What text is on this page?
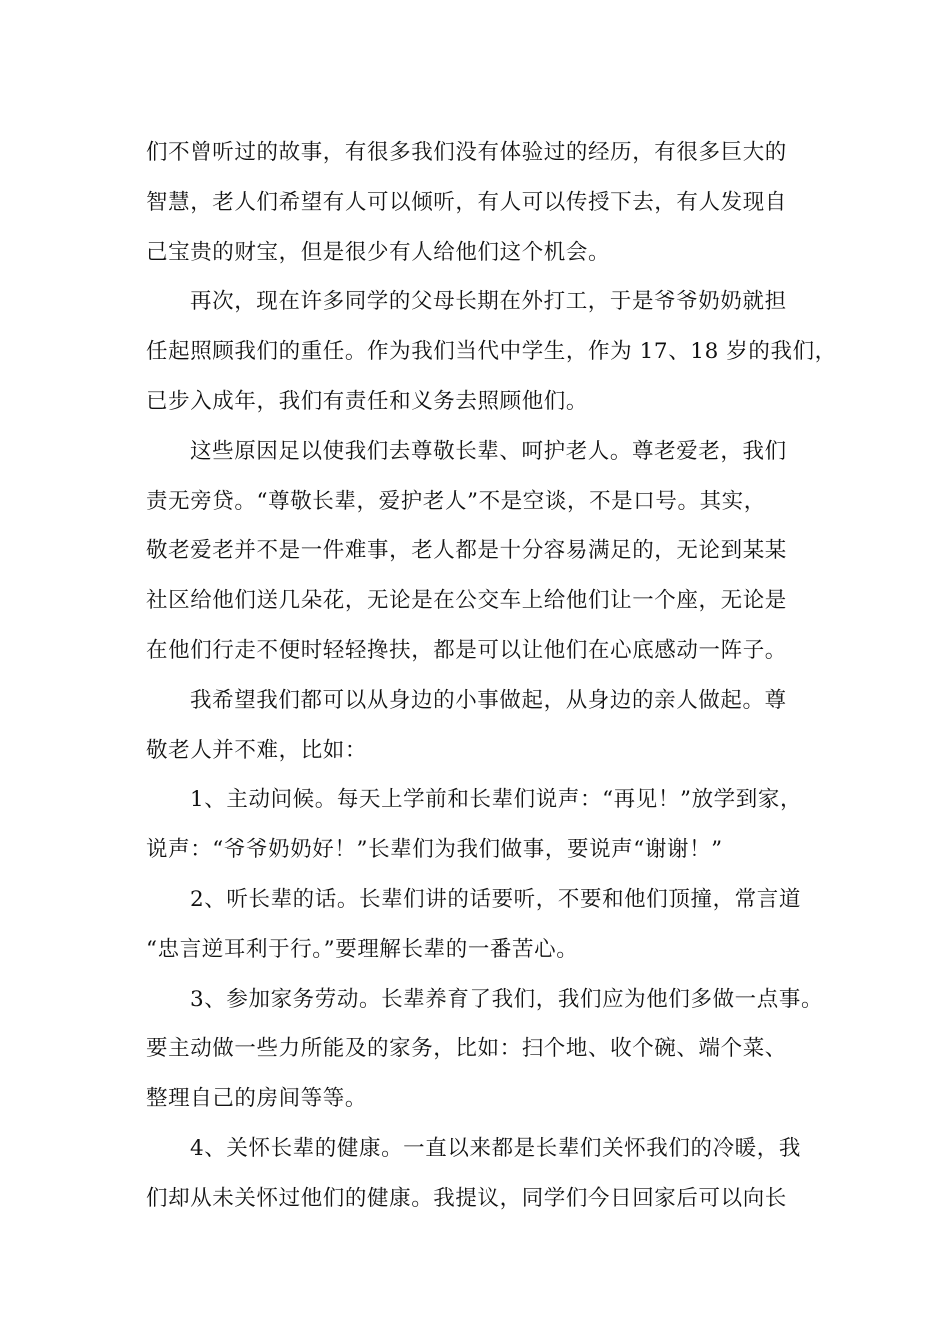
们不曾听过的故事，有很多我们没有体验过的经历，有很多巨大的
智慧，老人们希望有人可以倾听，有人可以传授下去，有人发现自
己宝贵的财宝，但是很少有人给他们这个机会。
再次，现在许多同学的父母长期在外打工，于是爷爷奶奶就担
任起照顾我们的重任。作为我们当代中学生，作为 17、18 岁的我们，
已步入成年，我们有责任和义务去照顾他们。
这些原因足以使我们去尊敬长辈、呵护老人。尊老爱老，我们
责无旁贷。“尊敬长辈，爱护老人”不是空谈，不是口号。其实，
敬老爱老并不是一件难事，老人都是十分容易满足的，无论到某某
社区给他们送几朵花，无论是在公交车上给他们让一个座，无论是
在他们行走不便时轻轻搀扶，都是可以让他们在心底感动一阵子。
我希望我们都可以从身边的小事做起，从身边的亲人做起。尊
敬老人并不难，比如：
1、主动问候。每天上学前和长辈们说声：“再见！”放学到家，
说声：“爷爷奶奶好！”长辈们为我们做事，要说声“谢谢！”
2、听长辈的话。长辈们讲的话要听，不要和他们顶撞，常言道
“忠言逆耳利于行。”要理解长辈的一番苦心。
3、参加家务劳动。长辈养育了我们，我们应为他们多做一点事。
要主动做一些力所能及的家务，比如：扫个地、收个碗、端个菜、
整理自己的房间等等。
4、关怀长辈的健康。一直以来都是长辈们关怀我们的冷暖，我
们却从未关怀过他们的健康。我提议，同学们今日回家后可以向长
